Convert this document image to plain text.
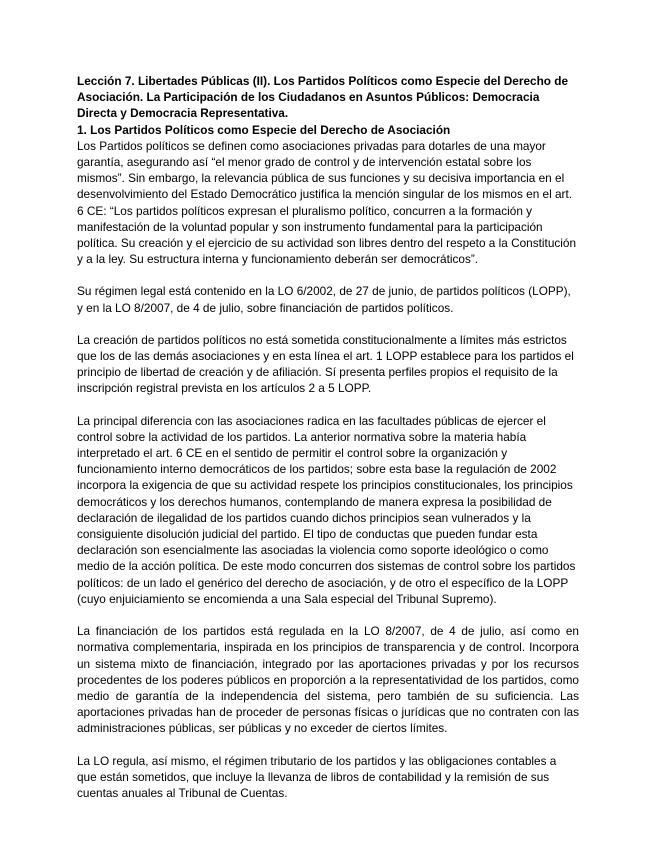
Lección 7. Libertades Públicas (II). Los Partidos Políticos como Especie del Derecho de Asociación. La Participación de los Ciudadanos en Asuntos Públicos: Democracia Directa y Democracia Representativa.

1. Los Partidos Políticos como Especie del Derecho de Asociación

Los Partidos políticos se definen como asociaciones privadas para dotarles de una mayor garantía, asegurando así “el menor grado de control y de intervención estatal sobre los mismos”. Sin embargo, la relevancia pública de sus funciones y su decisiva importancia en el desenvolvimiento del Estado Democrático justifica la mención singular de los mismos en el art. 6 CE: “Los partidos políticos expresan el pluralismo político, concurren a la formación y manifestación de la voluntad popular y son instrumento fundamental para la participación política. Su creación y el ejercicio de su actividad son libres dentro del respeto a la Constitución y a la ley. Su estructura interna y funcionamiento deberán ser democráticos”.

Su régimen legal está contenido en la LO 6/2002, de 27 de junio, de partidos políticos (LOPP), y en la LO 8/2007, de 4 de julio, sobre financiación de partidos políticos.

La creación de partidos políticos no está sometida constitucionalmente a límites más estrictos que los de las demás asociaciones y en esta línea el art. 1 LOPP establece para los partidos el principio de libertad de creación y de afiliación. Sí presenta perfiles propios el requisito de la inscripción registral prevista en los artículos 2 a 5 LOPP.

La principal diferencia con las asociaciones radica en las facultades públicas de ejercer el control sobre la actividad de los partidos. La anterior normativa sobre la materia había interpretado el art. 6 CE en el sentido de permitir el control sobre la organización y funcionamiento interno democráticos de los partidos; sobre esta base la regulación de 2002 incorpora la exigencia de que su actividad respete los principios constitucionales, los principios democráticos y los derechos humanos, contemplando de manera expresa la posibilidad de declaración de ilegalidad de los partidos cuando dichos principios sean vulnerados y la consiguiente disolución judicial del partido. El tipo de conductas que pueden fundar esta declaración son esencialmente las asociadas la violencia como soporte ideológico o como medio de la acción política. De este modo concurren dos sistemas de control sobre los partidos políticos: de un lado el genérico del derecho de asociación, y de otro el específico de la LOPP (cuyo enjuiciamiento se encomienda a una Sala especial del Tribunal Supremo).

La financiación de los partidos está regulada en la LO 8/2007, de 4 de julio, así como en normativa complementaria, inspirada en los principios de transparencia y de control. Incorpora un sistema mixto de financiación, integrado por las aportaciones privadas y por los recursos procedentes de los poderes públicos en proporción a la representatividad de los partidos, como medio de garantía de la independencia del sistema, pero también de su suficiencia. Las aportaciones privadas han de proceder de personas físicas o jurídicas que no contraten con las administraciones públicas, ser públicas y no exceder de ciertos límites.

La LO regula, así mismo, el régimen tributario de los partidos y las obligaciones contables a que están sometidos, que incluye la llevanza de libros de contabilidad y la remisión de sus cuentas anuales al Tribunal de Cuentas.
